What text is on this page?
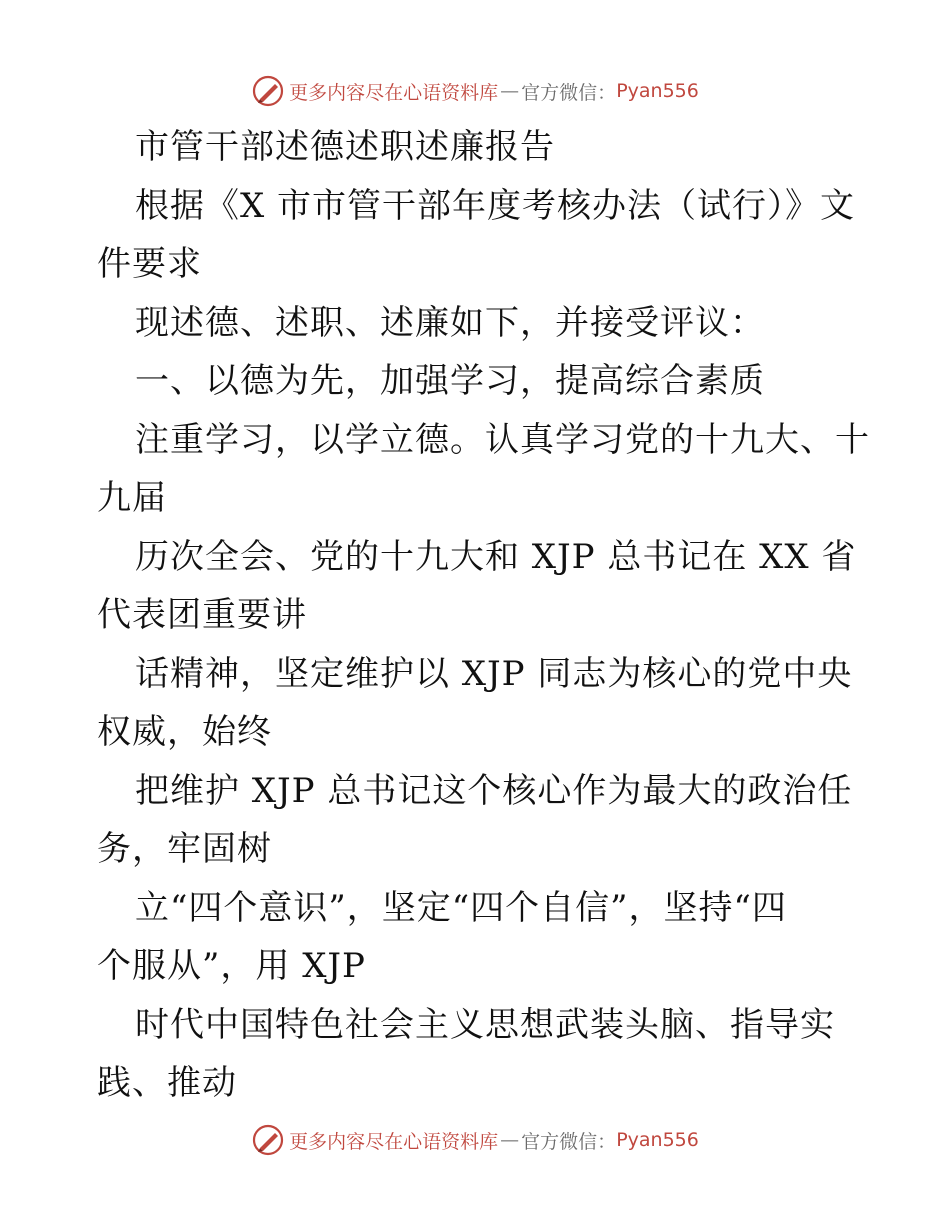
更多内容尽在心语资料库 — 官方微信： Pyan556
市管干部述德述职述廉报告
根据《X 市市管干部年度考核办法（试行）》文
件要求
现述德、述职、述廉如下，并接受评议：
一、以德为先，加强学习，提高综合素质
注重学习，以学立德。认真学习党的十九大、十
九届
历次全会、党的十九大和 XJP 总书记在 XX 省
代表团重要讲
话精神，坚定维护以 XJP 同志为核心的党中央
权威，始终
把维护 XJP 总书记这个核心作为最大的政治任
务，牢固树
立“四个意识”，坚定“四个自信”，坚持“四
个服从”，用 XJP
时代中国特色社会主义思想武装头脑、指导实
践、推动
更多内容尽在心语资料库 — 官方微信： Pyan556
